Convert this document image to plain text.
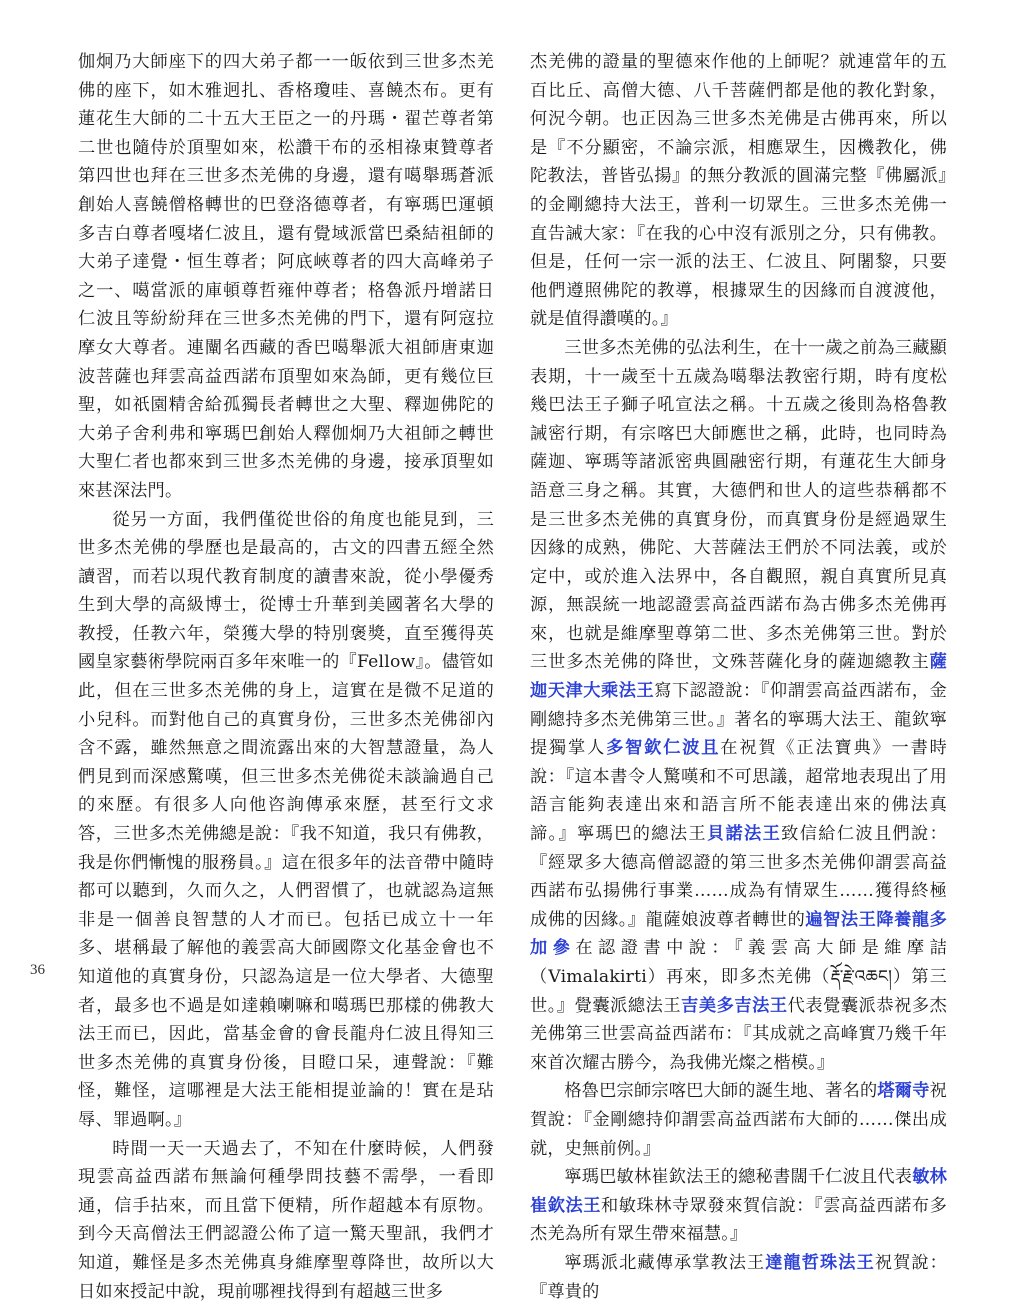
伽炯乃大師座下的四大弟子都一一皈依到三世多杰羌佛的座下，如木雅迥扎、香格瓊哇、喜饒杰布。更有蓮花生大師的二十五大王臣之一的丹瑪・翟芒尊者第二世也隨侍於頂聖如來，松讚干布的丞相祿東贊尊者第四世也拜在三世多杰羌佛的身邊，還有噶舉瑪蒼派創始人喜饒僧格轉世的巴登洛德尊者，有寧瑪巴運頓多吉白尊者嘎堵仁波且，還有覺域派當巴桑結祖師的大弟子達覺・恒生尊者；阿底峽尊者的四大高峰弟子之一、噶當派的庫頓尊哲雍仲尊者；格魯派丹增諾日仁波且等紛紛拜在三世多杰羌佛的門下，還有阿寇拉摩女大尊者。連闡名西藏的香巴噶舉派大祖師唐東迦波菩薩也拜雲高益西諾布頂聖如來為師，更有幾位巨聖，如祇園精舍給孤獨長者轉世之大聖、釋迦佛陀的大弟子舍利弗和寧瑪巴創始人釋伽炯乃大祖師之轉世大聖仁者也都來到三世多杰羌佛的身邊，接承頂聖如來甚深法門。

從另一方面，我們僅從世俗的角度也能見到，三世多杰羌佛的學歷也是最高的，古文的四書五經全然讀習，而若以現代教育制度的讀書來說，從小學優秀生到大學的高級博士，從博士升華到美國著名大學的教授，任教六年，榮獲大學的特別褒獎，直至獲得英國皇家藝術學院兩百多年來唯一的『Fellow』。儘管如此，但在三世多杰羌佛的身上，這實在是微不足道的小兒科。而對他自己的真實身份，三世多杰羌佛卻內含不露，雖然無意之間流露出來的大智慧證量，為人們見到而深感驚嘆，但三世多杰羌佛從未談論過自己的來歷。有很多人向他咨詢傳承來歷，甚至行文求答，三世多杰羌佛總是說：『我不知道，我只有佛教，我是你們慚愧的服務員。』這在很多年的法音帶中隨時都可以聽到，久而久之，人們習慣了，也就認為這無非是一個善良智慧的人才而已。包括已成立十一年多、堪稱最了解他的義雲高大師國際文化基金會也不知道他的真實身份，只認為這是一位大學者、大德聖者，最多也不過是如達賴喇嘛和噶瑪巴那樣的佛教大法王而已，因此，當基金會的會長龍舟仁波且得知三世多杰羌佛的真實身份後，目瞪口呆，連聲說：『難怪，難怪，這哪裡是大法王能相提並論的！實在是玷辱、罪過啊。』

時間一天一天過去了，不知在什麼時候，人們發現雲高益西諾布無論何種學問技藝不需學，一看即通，信手拈來，而且當下便精，所作超越本有原物。到今天高僧法王們認證公佈了這一驚天聖訊，我們才知道，難怪是多杰羌佛真身維摩聖尊降世，故所以大日如來授記中說，現前哪裡找得到有超越三世多

杰羌佛的證量的聖德來作他的上師呢？就連當年的五百比丘、高僧大德、八千菩薩們都是他的教化對象，何況今朝。也正因為三世多杰羌佛是古佛再來，所以是『不分顯密，不論宗派，相應眾生，因機教化，佛陀教法，普皆弘揚』的無分教派的圓滿完整『佛屬派』的金剛總持大法王，普利一切眾生。三世多杰羌佛一直告誡大家：『在我的心中沒有派別之分，只有佛教。但是，任何一宗一派的法王、仁波且、阿闍黎，只要他們遵照佛陀的教導，根據眾生的因緣而自渡渡他，就是值得讚嘆的。』

三世多杰羌佛的弘法利生，在十一歲之前為三藏顯表期，十一歲至十五歲為噶舉法教密行期，時有度松幾巴法王子獅子吼宣法之稱。十五歲之後則為格魯教誡密行期，有宗喀巴大師應世之稱，此時，也同時為薩迦、寧瑪等諸派密典圓融密行期，有蓮花生大師身語意三身之稱。其實，大德們和世人的這些恭稱都不是三世多杰羌佛的真實身份，而真實身份是經過眾生因緣的成熟，佛陀、大菩薩法王們於不同法義，或於定中，或於進入法界中，各自觀照，親自真實所見真源，無誤統一地認證雲高益西諾布為古佛多杰羌佛再來，也就是維摩聖尊第二世、多杰羌佛第三世。對於三世多杰羌佛的降世，文殊菩薩化身的薩迦總教主薩迦天津大乘法王寫下認證說：『仰謂雲高益西諾布，金剛總持多杰羌佛第三世。』著名的寧瑪大法王、龍欽寧提獨掌人多智欽仁波且在祝賀《正法寶典》一書時說：『這本書令人驚嘆和不可思議，超常地表現出了用語言能夠表達出來和語言所不能表達出來的佛法真諦。』寧瑪巴的總法王貝諾法王致信給仁波且們說：『經眾多大德高僧認證的第三世多杰羌佛仰謂雲高益西諾布弘揚佛行事業……成為有情眾生……獲得終極成佛的因緣。』龍薩娘波尊者轉世的遍智法王降養龍多加參在認證書中說：『義雲高大師是維摩詰（Vimalakirti）再來，即多杰羌佛（རྡོ་རྗེ་འཆང།）第三世。』覺囊派總法王吉美多吉法王代表覺囊派恭祝多杰羌佛第三世雲高益西諾布：『其成就之高峰實乃幾千年來首次耀古勝今，為我佛光燦之楷模。』

格魯巴宗師宗喀巴大師的誕生地、著名的塔爾寺祝賀說：『金剛總持仰謂雲高益西諾布大師的……傑出成就，史無前例。』

寧瑪巴敏林崔欽法王的總秘書闊千仁波且代表敏林崔欽法王和敏珠林寺眾發來賀信說：『雲高益西諾布多杰羌為所有眾生帶來福慧。』

寧瑪派北藏傳承掌教法王達龍哲珠法王祝賀說：『尊貴的

36
